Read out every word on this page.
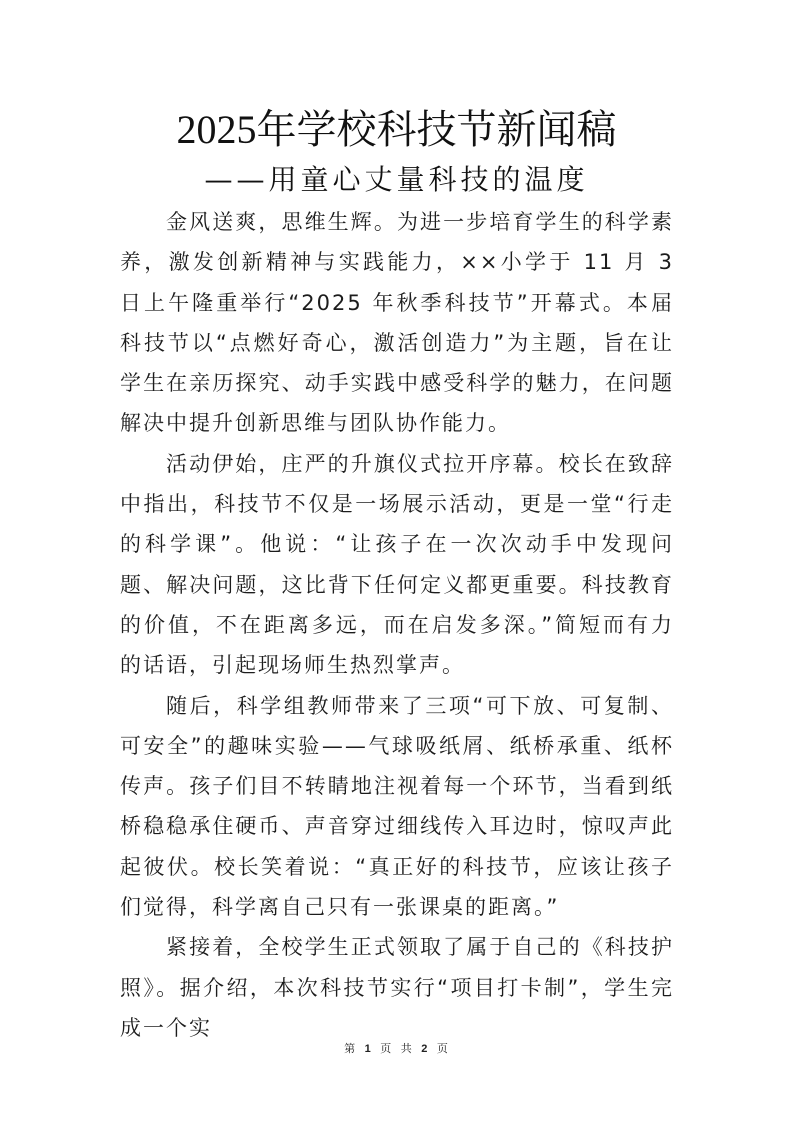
2025年学校科技节新闻稿
——用童心丈量科技的温度

金风送爽，思维生辉。为进一步培育学生的科学素养，激发创新精神与实践能力，××小学于 11 月 3 日上午隆重举行“2025 年秋季科技节”开幕式。本届科技节以“点燃好奇心，激活创造力”为主题，旨在让学生在亲历探究、动手实践中感受科学的魅力，在问题解决中提升创新思维与团队协作能力。

活动伊始，庄严的升旗仪式拉开序幕。校长在致辞中指出，科技节不仅是一场展示活动，更是一堂“行走的科学课”。他说：“让孩子在一次次动手中发现问题、解决问题，这比背下任何定义都更重要。科技教育的价值，不在距离多远，而在启发多深。”简短而有力的话语，引起现场师生热烈掌声。

随后，科学组教师带来了三项“可下放、可复制、可安全”的趣味实验——气球吸纸屑、纸桥承重、纸杯传声。孩子们目不转睛地注视着每一个环节，当看到纸桥稳稳承住硬币、声音穿过细线传入耳边时，惊叹声此起彼伏。校长笑着说：“真正好的科技节，应该让孩子们觉得，科学离自己只有一张课桌的距离。”

紧接着，全校学生正式领取了属于自己的《科技护照》。据介绍，本次科技节实行“项目打卡制”，学生完成一个实

第 1 页 共 2 页
